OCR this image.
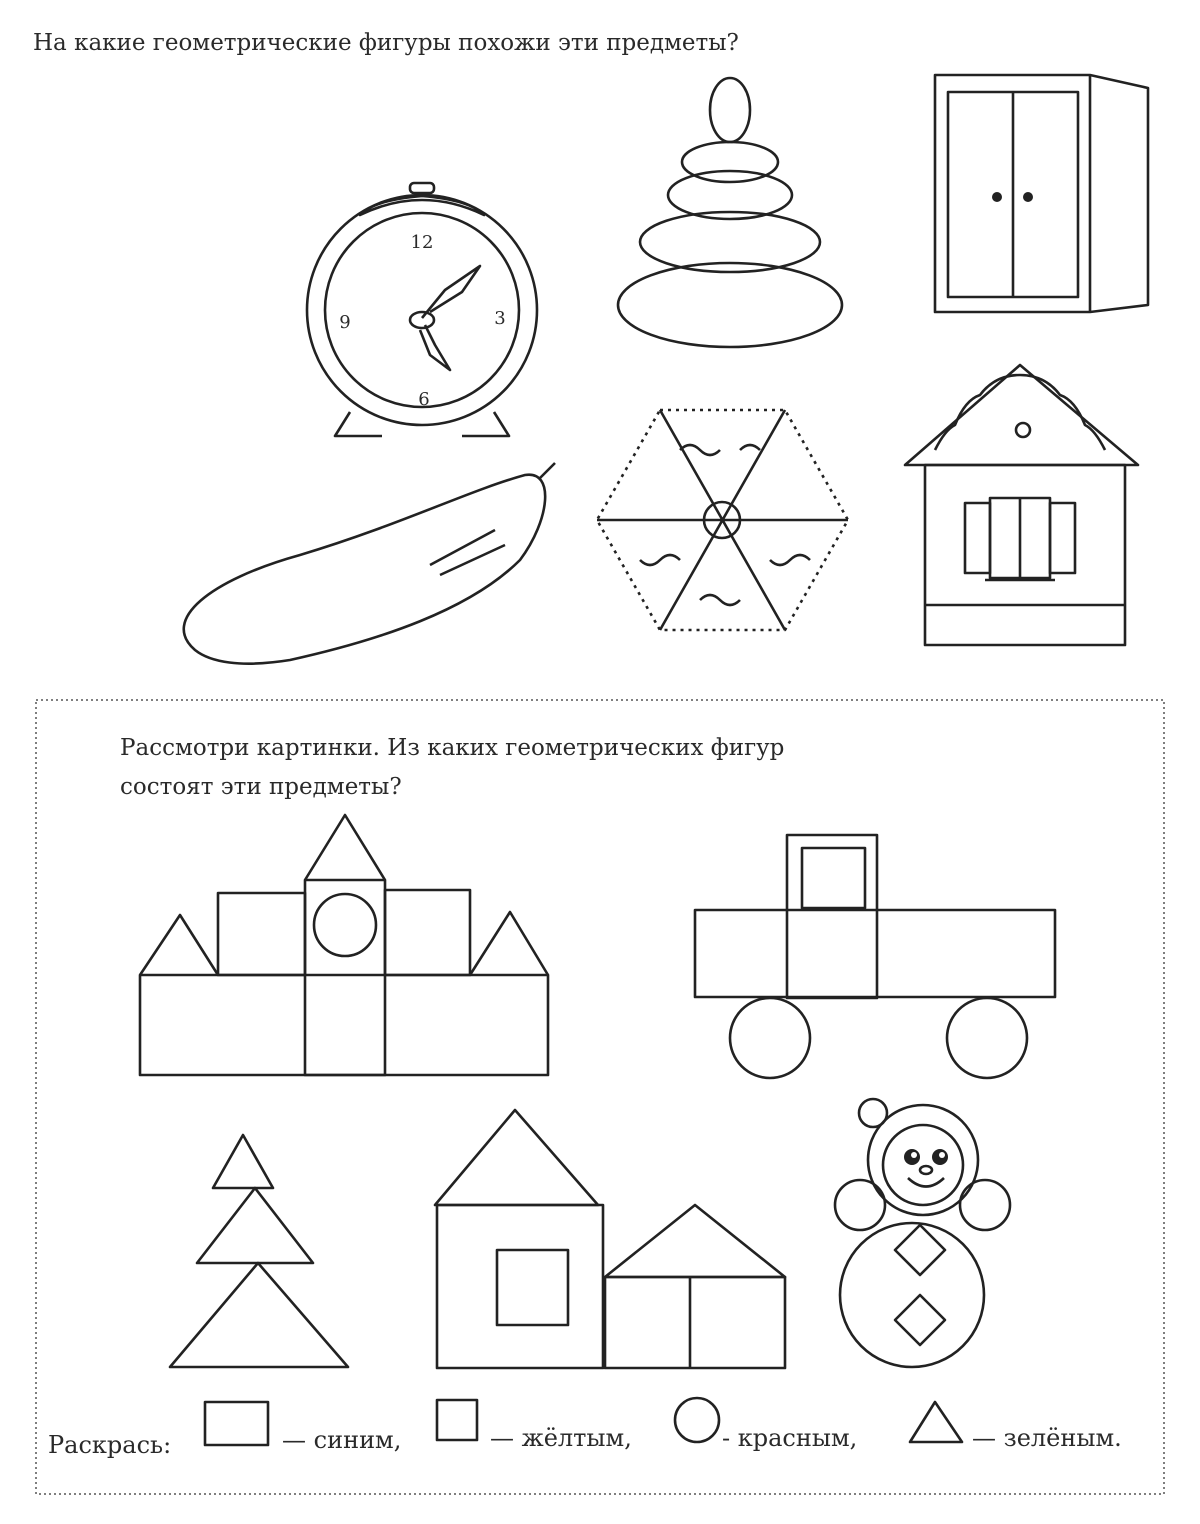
На какие геометрические фигуры похожи эти предметы?
12
3
6
9
Рассмотри картинки. Из каких геометрических фигур
состоят эти предметы?
Раскрась:	— синим,	— жёлтым,	- красным,	— зелёным.
